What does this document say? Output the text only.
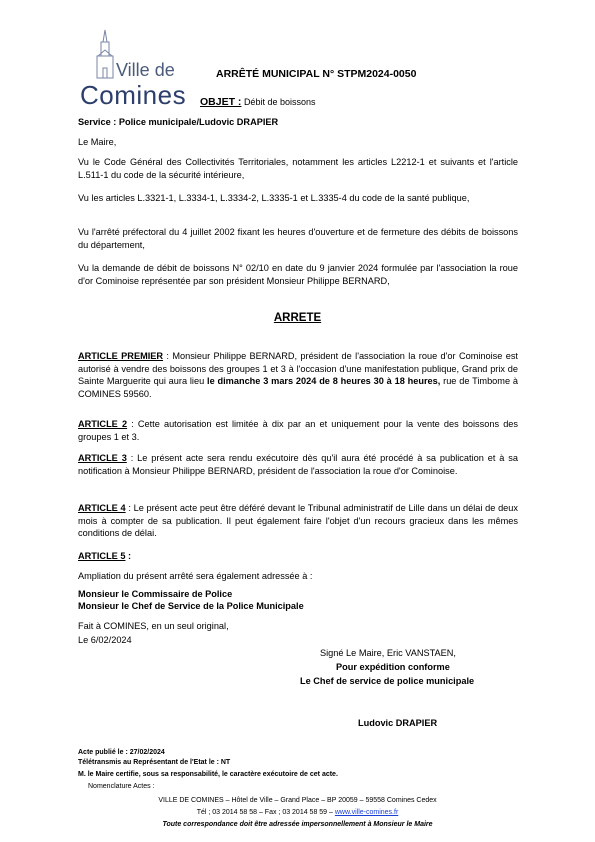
Ville de
Comines
ARRÊTÉ MUNICIPAL N° STPM2024-0050
OBJET : Débit de boissons
Service : Police municipale/Ludovic DRAPIER
Le Maire,
Vu le Code Général des Collectivités Territoriales, notamment les articles L2212-1 et suivants et l'article L.511-1 du code de la sécurité intérieure,
Vu les articles L.3321-1, L.3334-1, L.3334-2, L.3335-1 et L.3335-4 du code de la santé publique,
Vu l'arrêté préfectoral du 4 juillet 2002 fixant les heures d'ouverture et de fermeture des débits de boissons du département,
Vu la demande de débit de boissons N° 02/10 en date du 9 janvier 2024 formulée par l'association la roue d'or Cominoise représentée par son président Monsieur Philippe BERNARD,
ARRETE
ARTICLE PREMIER : Monsieur Philippe BERNARD, président de l'association la roue d'or Cominoise est autorisé à vendre des boissons des groupes 1 et 3 à l'occasion d'une manifestation publique, Grand prix de Sainte Marguerite qui aura lieu le dimanche 3 mars 2024 de 8 heures 30 à 18 heures, rue de Timbome à COMINES 59560.
ARTICLE 2 : Cette autorisation est limitée à dix par an et uniquement pour la vente des boissons des groupes 1 et 3.
ARTICLE 3 : Le présent acte sera rendu exécutoire dès qu'il aura été procédé à sa publication et à sa notification à Monsieur Philippe BERNARD, président de l'association la roue d'or Cominoise.
ARTICLE 4 : Le présent acte peut être déféré devant le Tribunal administratif de Lille dans un délai de deux mois à compter de sa publication. Il peut également faire l'objet d'un recours gracieux dans les mêmes conditions de délai.
ARTICLE 5 :
Ampliation du présent arrêté sera également adressée à :
Monsieur le Commissaire de Police
Monsieur le Chef de Service de la Police Municipale
Fait à COMINES, en un seul original,
Le 6/02/2024
Signé Le Maire, Eric VANSTAEN,
Pour expédition conforme
Le Chef de service de police municipale
Ludovic DRAPIER
Acte publié le : 27/02/2024
Télétransmis au Représentant de l'Etat le : NT
M. le Maire certifie, sous sa responsabilité, le caractère exécutoire de cet acte.
Nomenclature Actes :
VILLE DE COMINES – Hôtel de Ville – Grand Place – BP 20059 – 59558 Comines Cedex
Tél ; 03 2014 58 58 – Fax ; 03 2014 58 59 – www.ville-comines.fr
Toute correspondance doit être adressée impersonnellement à Monsieur le Maire
